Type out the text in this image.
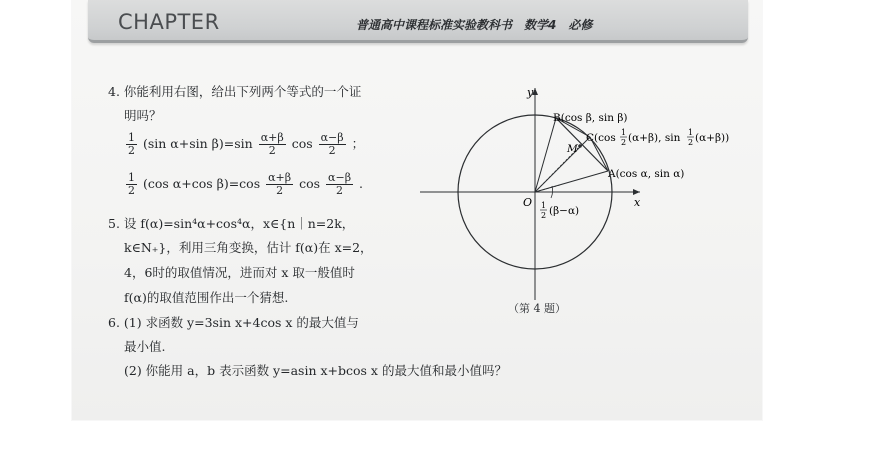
CHAPTER	普通高中课程标准实验教科书　数学4　必修
4. 你能利用右图，给出下列两个等式的一个证
明吗？
$\frac{1}{2} (\sin$ α+sin $\beta)=\sin \frac{\alpha+\beta}{2}$ $\cos \frac{\alpha-\beta}{2}$ ；
$\frac{1}{2} (\cos$ α+cos $\beta)=\cos \frac{\alpha+\beta}{2}$ $\cos \frac{\alpha-\beta}{2}$ .
5. 设 f(α)=sin⁴α+cos⁴α，x∈{n｜n=2k，
k∈N₊}，利用三角变换，估计 f(α)在 x=2，
4，6时的取值情况，进而对 x 取一般值时
f(α)的取值范围作出一个猜想.
6. (1) 求函数 y=3sin x+4cos x 的最大值与
最小值.
(2) 你能用 a，b 表示函数 y=asin x+bcos x 的最大值和最小值吗？
y
x
O
B(cos β, sin β)
M
A(cos α, sin α)
C(cos 1
2 (α+β), sin 1
2 (α+β))
1
2 (β−α)
（第 4 题）
